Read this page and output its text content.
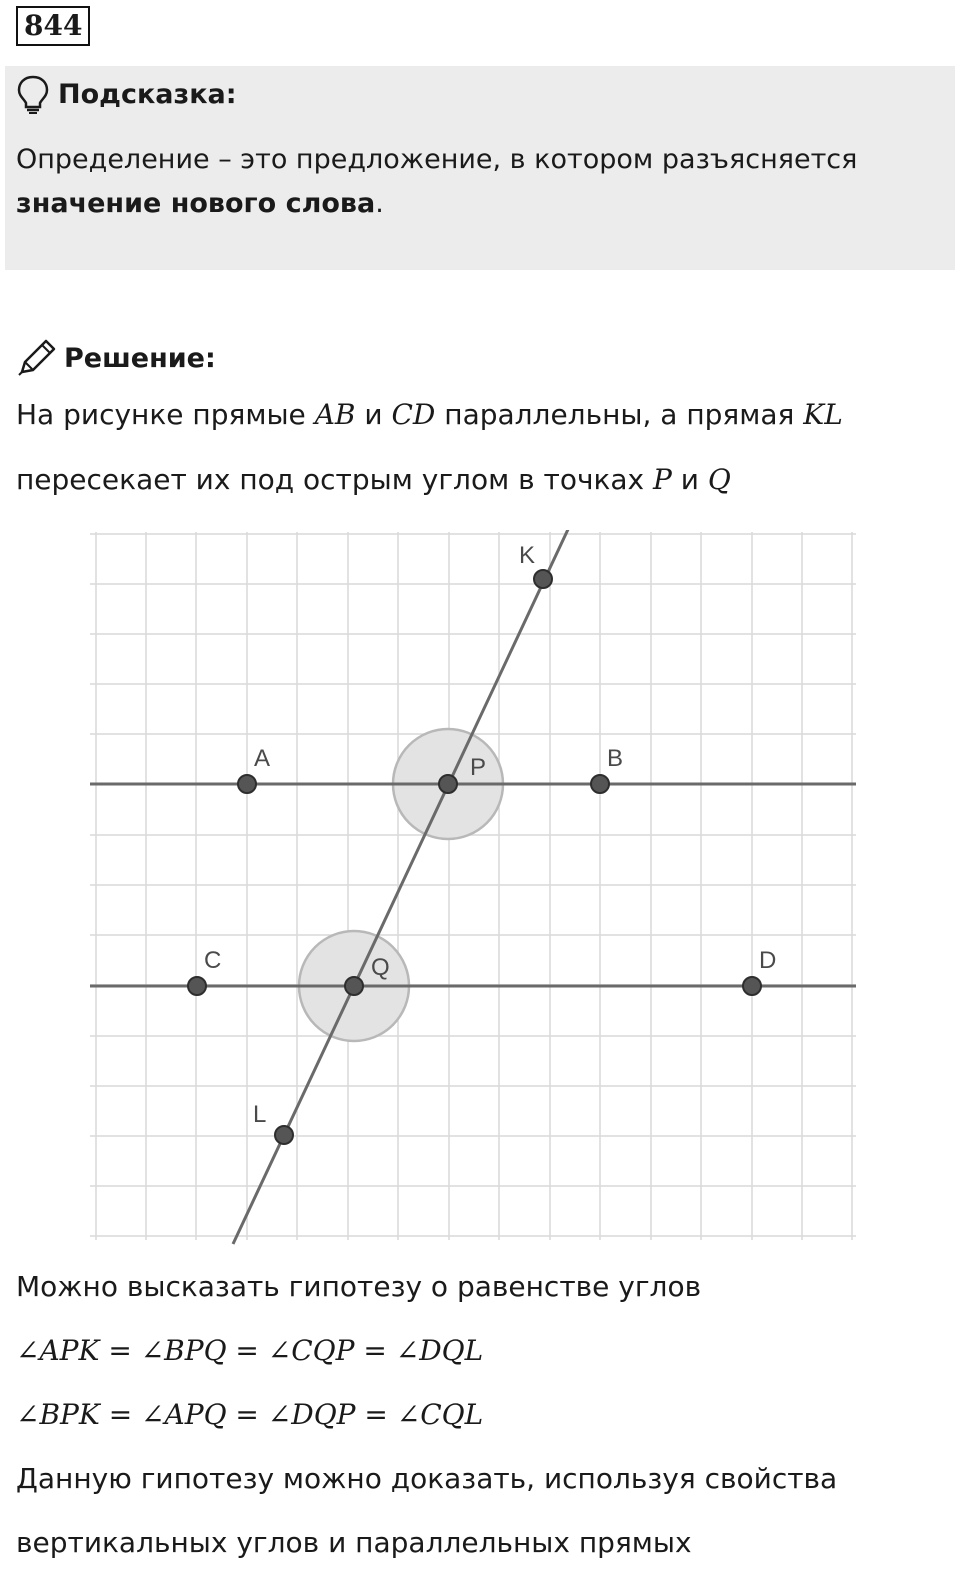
844
Подсказка:
Определение – это предложение, в котором разъясняется значение нового слова.
Решение:
На рисунке прямые AB и CD параллельны, а прямая KL
пересекает их под острым углом в точках P и Q
K
A	P	B
C	Q	D
L
Можно высказать гипотезу о равенстве углов
∠APK = ∠BPQ = ∠CQP = ∠DQL
∠BPK = ∠APQ = ∠DQP = ∠CQL
Данную гипотезу можно доказать, используя свойства
вертикальных углов и параллельных прямых
